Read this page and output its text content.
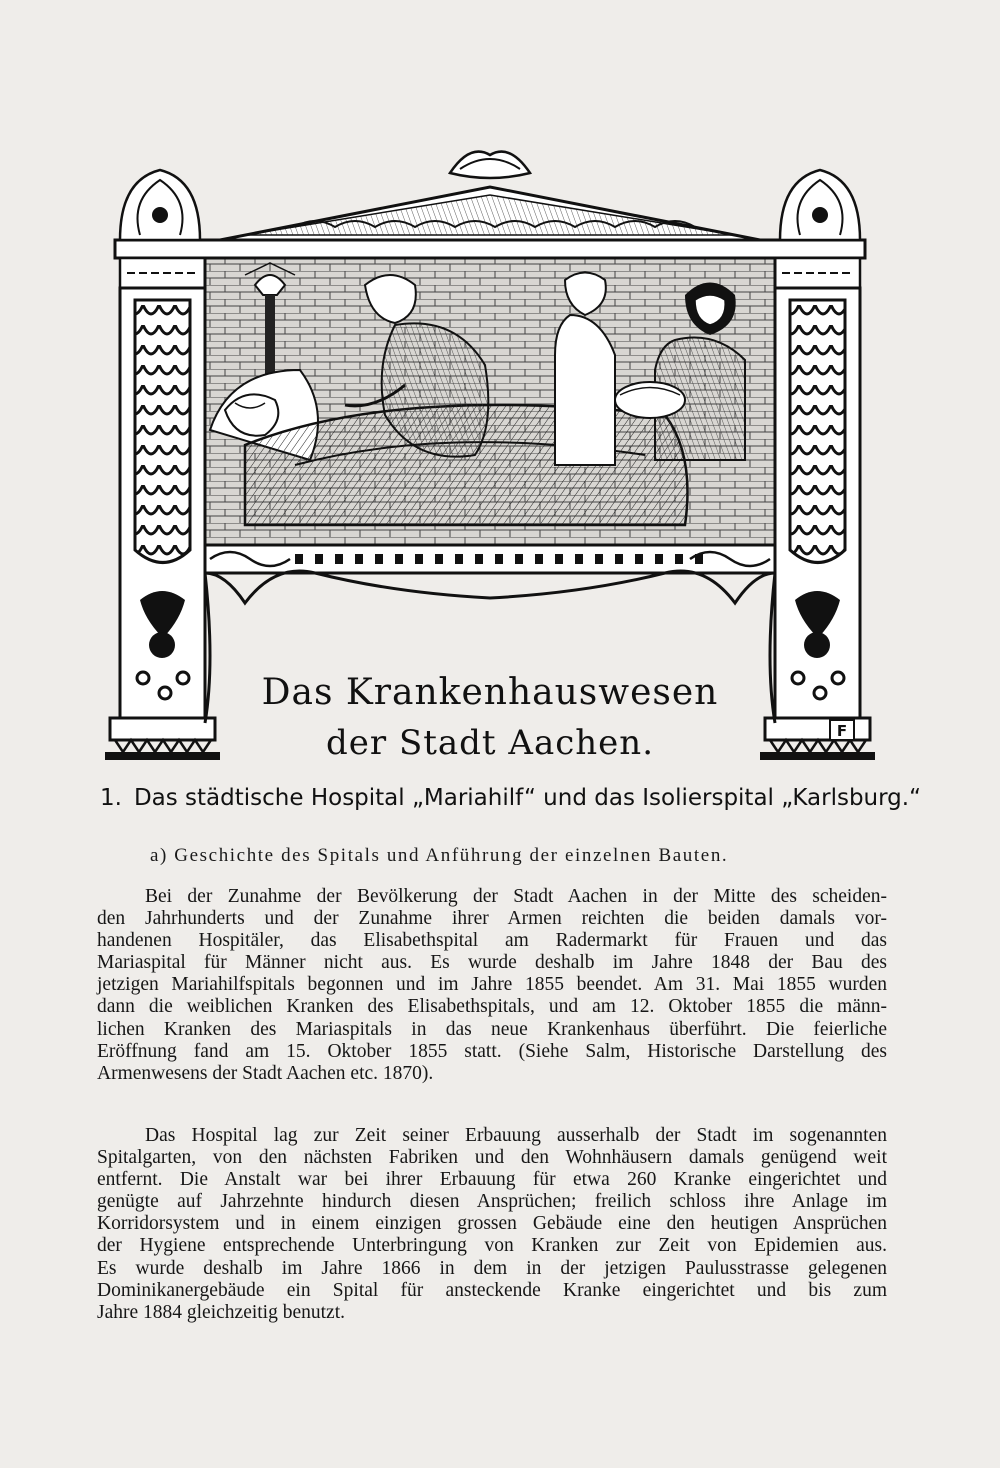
F
Das Krankenhauswesen
der Stadt Aachen.
1. Das städtische Hospital „Mariahilf“ und das Isolierspital „Karlsburg.“
a) Geschichte des Spitals und Anführung der einzelnen Bauten.
Bei der Zunahme der Bevölkerung der Stadt Aachen in der Mitte des scheiden-
den Jahrhunderts und der Zunahme ihrer Armen reichten die beiden damals vor-
handenen Hospitäler, das Elisabethspital am Radermarkt für Frauen und das
Mariaspital für Männer nicht aus. Es wurde deshalb im Jahre 1848 der Bau des
jetzigen Mariahilfspitals begonnen und im Jahre 1855 beendet. Am 31. Mai 1855 wurden
dann die weiblichen Kranken des Elisabethspitals, und am 12. Oktober 1855 die männ-
lichen Kranken des Mariaspitals in das neue Krankenhaus überführt. Die feierliche
Eröffnung fand am 15. Oktober 1855 statt. (Siehe Salm, Historische Darstellung des
Armenwesens der Stadt Aachen etc. 1870).
Das Hospital lag zur Zeit seiner Erbauung ausserhalb der Stadt im sogenannten
Spitalgarten, von den nächsten Fabriken und den Wohnhäusern damals genügend weit
entfernt. Die Anstalt war bei ihrer Erbauung für etwa 260 Kranke eingerichtet und
genügte auf Jahrzehnte hindurch diesen Ansprüchen; freilich schloss ihre Anlage im
Korridorsystem und in einem einzigen grossen Gebäude eine den heutigen Ansprüchen
der Hygiene entsprechende Unterbringung von Kranken zur Zeit von Epidemien aus.
Es wurde deshalb im Jahre 1866 in dem in der jetzigen Paulusstrasse gelegenen
Dominikanergebäude ein Spital für ansteckende Kranke eingerichtet und bis zum
Jahre 1884 gleichzeitig benutzt.
